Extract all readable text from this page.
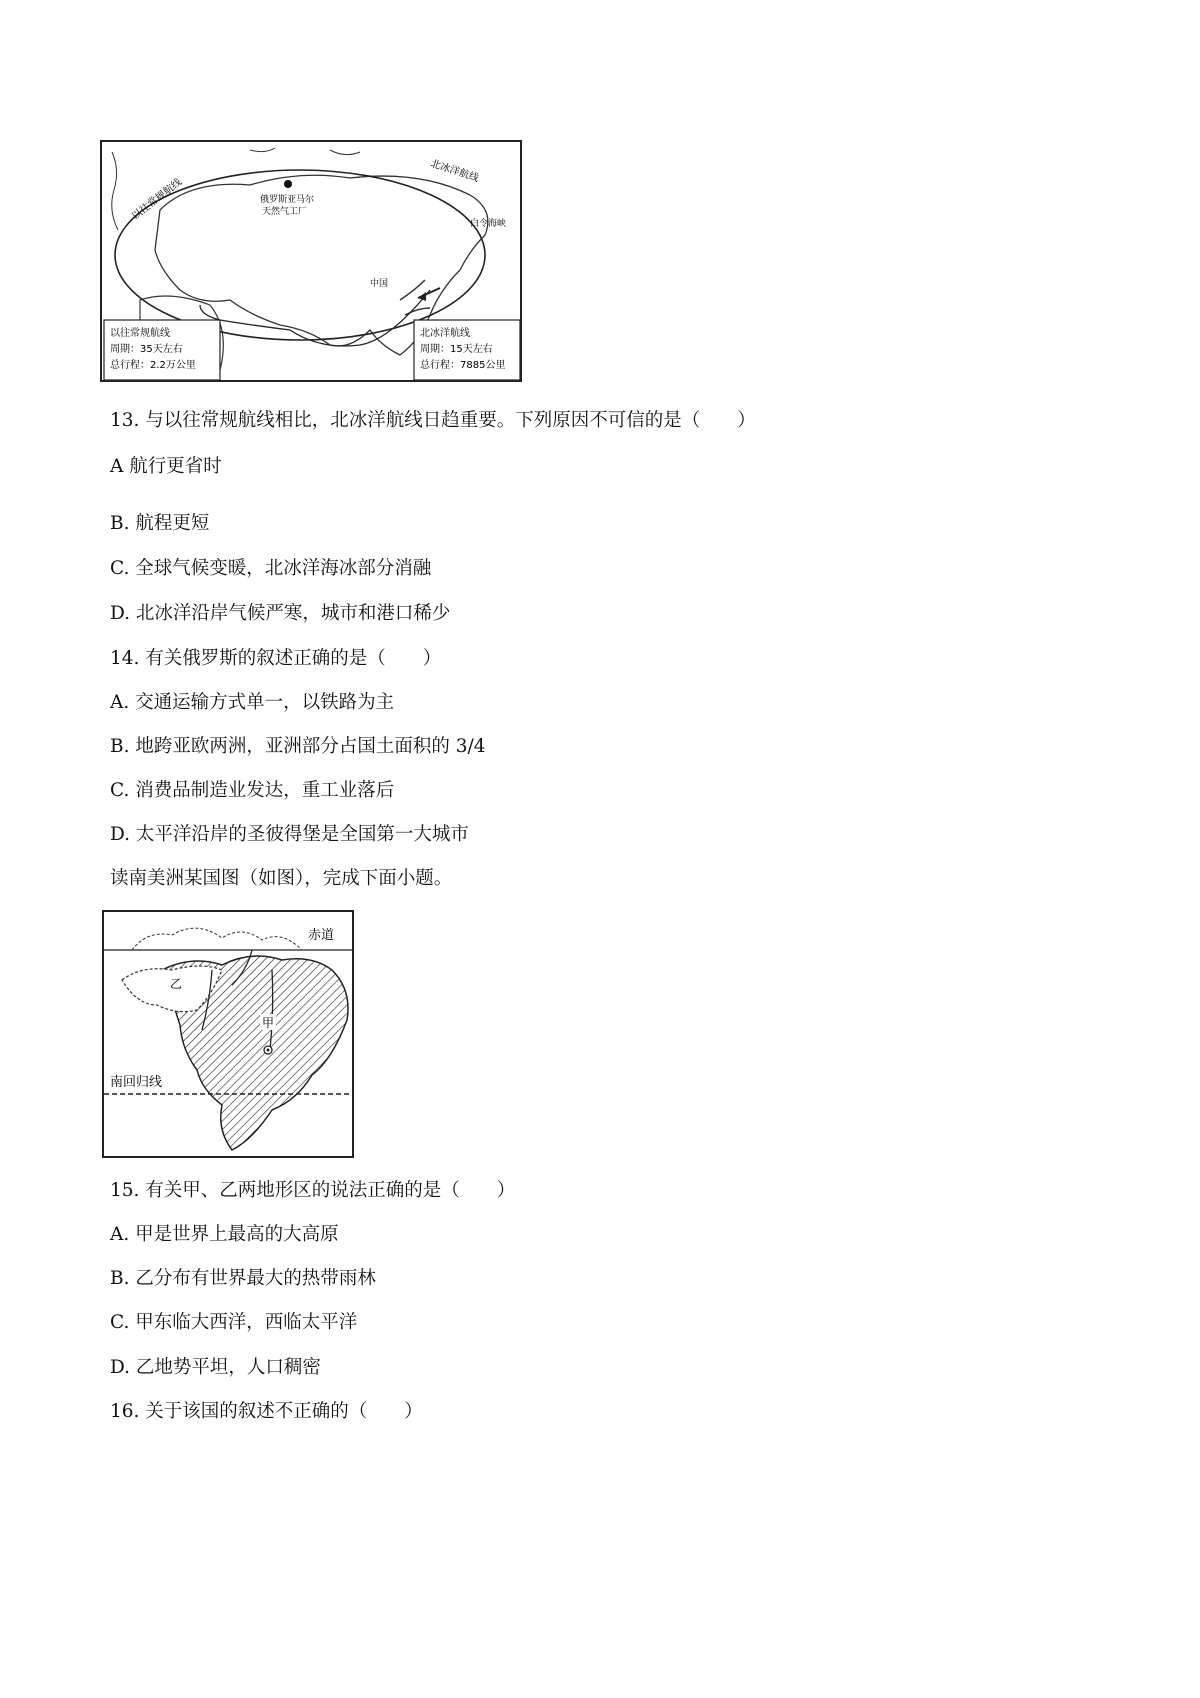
北冰洋航线
以往常规航线	俄罗斯亚马尔
天然气工厂
白令海峡
中国
以往常规航线
周期：35天左右
总行程：2.2万公里
北冰洋航线
周期：15天左右
总行程：7885公里
13. 与以往常规航线相比，北冰洋航线日趋重要。下列原因不可信的是（　　）
A 航行更省时
B. 航程更短
C. 全球气候变暖，北冰洋海冰部分消融
D. 北冰洋沿岸气候严寒，城市和港口稀少
14. 有关俄罗斯的叙述正确的是（　　）
A. 交通运输方式单一，以铁路为主
B. 地跨亚欧两洲，亚洲部分占国土面积的 3/4
C. 消费品制造业发达，重工业落后
D. 太平洋沿岸的圣彼得堡是全国第一大城市
读南美洲某国图（如图），完成下面小题。
赤道
南回归线
甲
乙
15. 有关甲、乙两地形区的说法正确的是（　　）
A. 甲是世界上最高的大高原
B. 乙分布有世界最大的热带雨林
C. 甲东临大西洋，西临太平洋
D. 乙地势平坦，人口稠密
16. 关于该国的叙述不正确的（　　）
